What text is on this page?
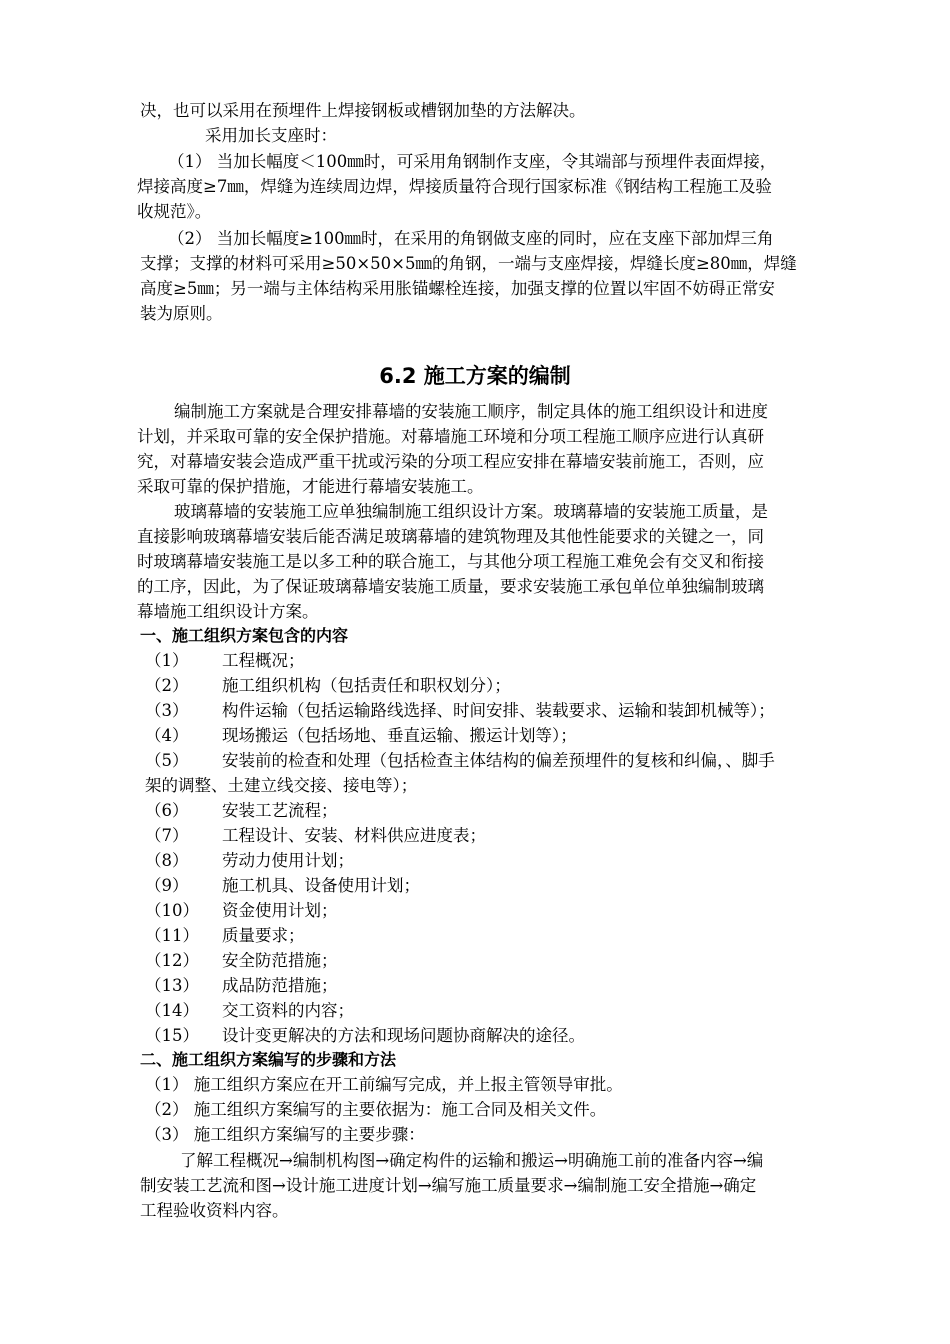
决，也可以采用在预埋件上焊接钢板或槽钢加垫的方法解决。
采用加长支座时：
（1） 当加长幅度＜100㎜时，可采用角钢制作支座，令其端部与预埋件表面焊接，
焊接高度≥7㎜，焊缝为连续周边焊，焊接质量符合现行国家标准《钢结构工程施工及验
收规范》。
（2） 当加长幅度≥100㎜时，在采用的角钢做支座的同时，应在支座下部加焊三角
支撑；支撑的材料可采用≥50×50×5㎜的角钢，一端与支座焊接，焊缝长度≥80㎜，焊缝
高度≥5㎜；另一端与主体结构采用胀锚螺栓连接，加强支撑的位置以牢固不妨碍正常安
装为原则。
6.2 施工方案的编制
编制施工方案就是合理安排幕墙的安装施工顺序，制定具体的施工组织设计和进度
计划，并采取可靠的安全保护措施。对幕墙施工环境和分项工程施工顺序应进行认真研
究，对幕墙安装会造成严重干扰或污染的分项工程应安排在幕墙安装前施工，否则，应
采取可靠的保护措施，才能进行幕墙安装施工。
玻璃幕墙的安装施工应单独编制施工组织设计方案。玻璃幕墙的安装施工质量，是
直接影响玻璃幕墙安装后能否满足玻璃幕墙的建筑物理及其他性能要求的关键之一，同
时玻璃幕墙安装施工是以多工种的联合施工，与其他分项工程施工难免会有交叉和衔接
的工序，因此，为了保证玻璃幕墙安装施工质量，要求安装施工承包单位单独编制玻璃
幕墙施工组织设计方案。
一、施工组织方案包含的内容
（1） 工程概况；
（2） 施工组织机构（包括责任和职权划分）；
（3） 构件运输（包括运输路线选择、时间安排、装载要求、运输和装卸机械等）；
（4） 现场搬运（包括场地、垂直运输、搬运计划等）；
（5） 安装前的检查和处理（包括检查主体结构的偏差预埋件的复核和纠偏，、脚手
架的调整、土建立线交接、接电等）；
（6） 安装工艺流程；
（7） 工程设计、安装、材料供应进度表；
（8） 劳动力使用计划；
（9） 施工机具、设备使用计划；
（10） 资金使用计划；
（11） 质量要求；
（12） 安全防范措施；
（13） 成品防范措施；
（14） 交工资料的内容；
（15） 设计变更解决的方法和现场问题协商解决的途径。
二、施工组织方案编写的步骤和方法
（1） 施工组织方案应在开工前编写完成，并上报主管领导审批。
（2） 施工组织方案编写的主要依据为：施工合同及相关文件。
（3） 施工组织方案编写的主要步骤：
了解工程概况→编制机构图→确定构件的运输和搬运→明确施工前的准备内容→编
制安装工艺流和图→设计施工进度计划→编写施工质量要求→编制施工安全措施→确定
工程验收资料内容。
